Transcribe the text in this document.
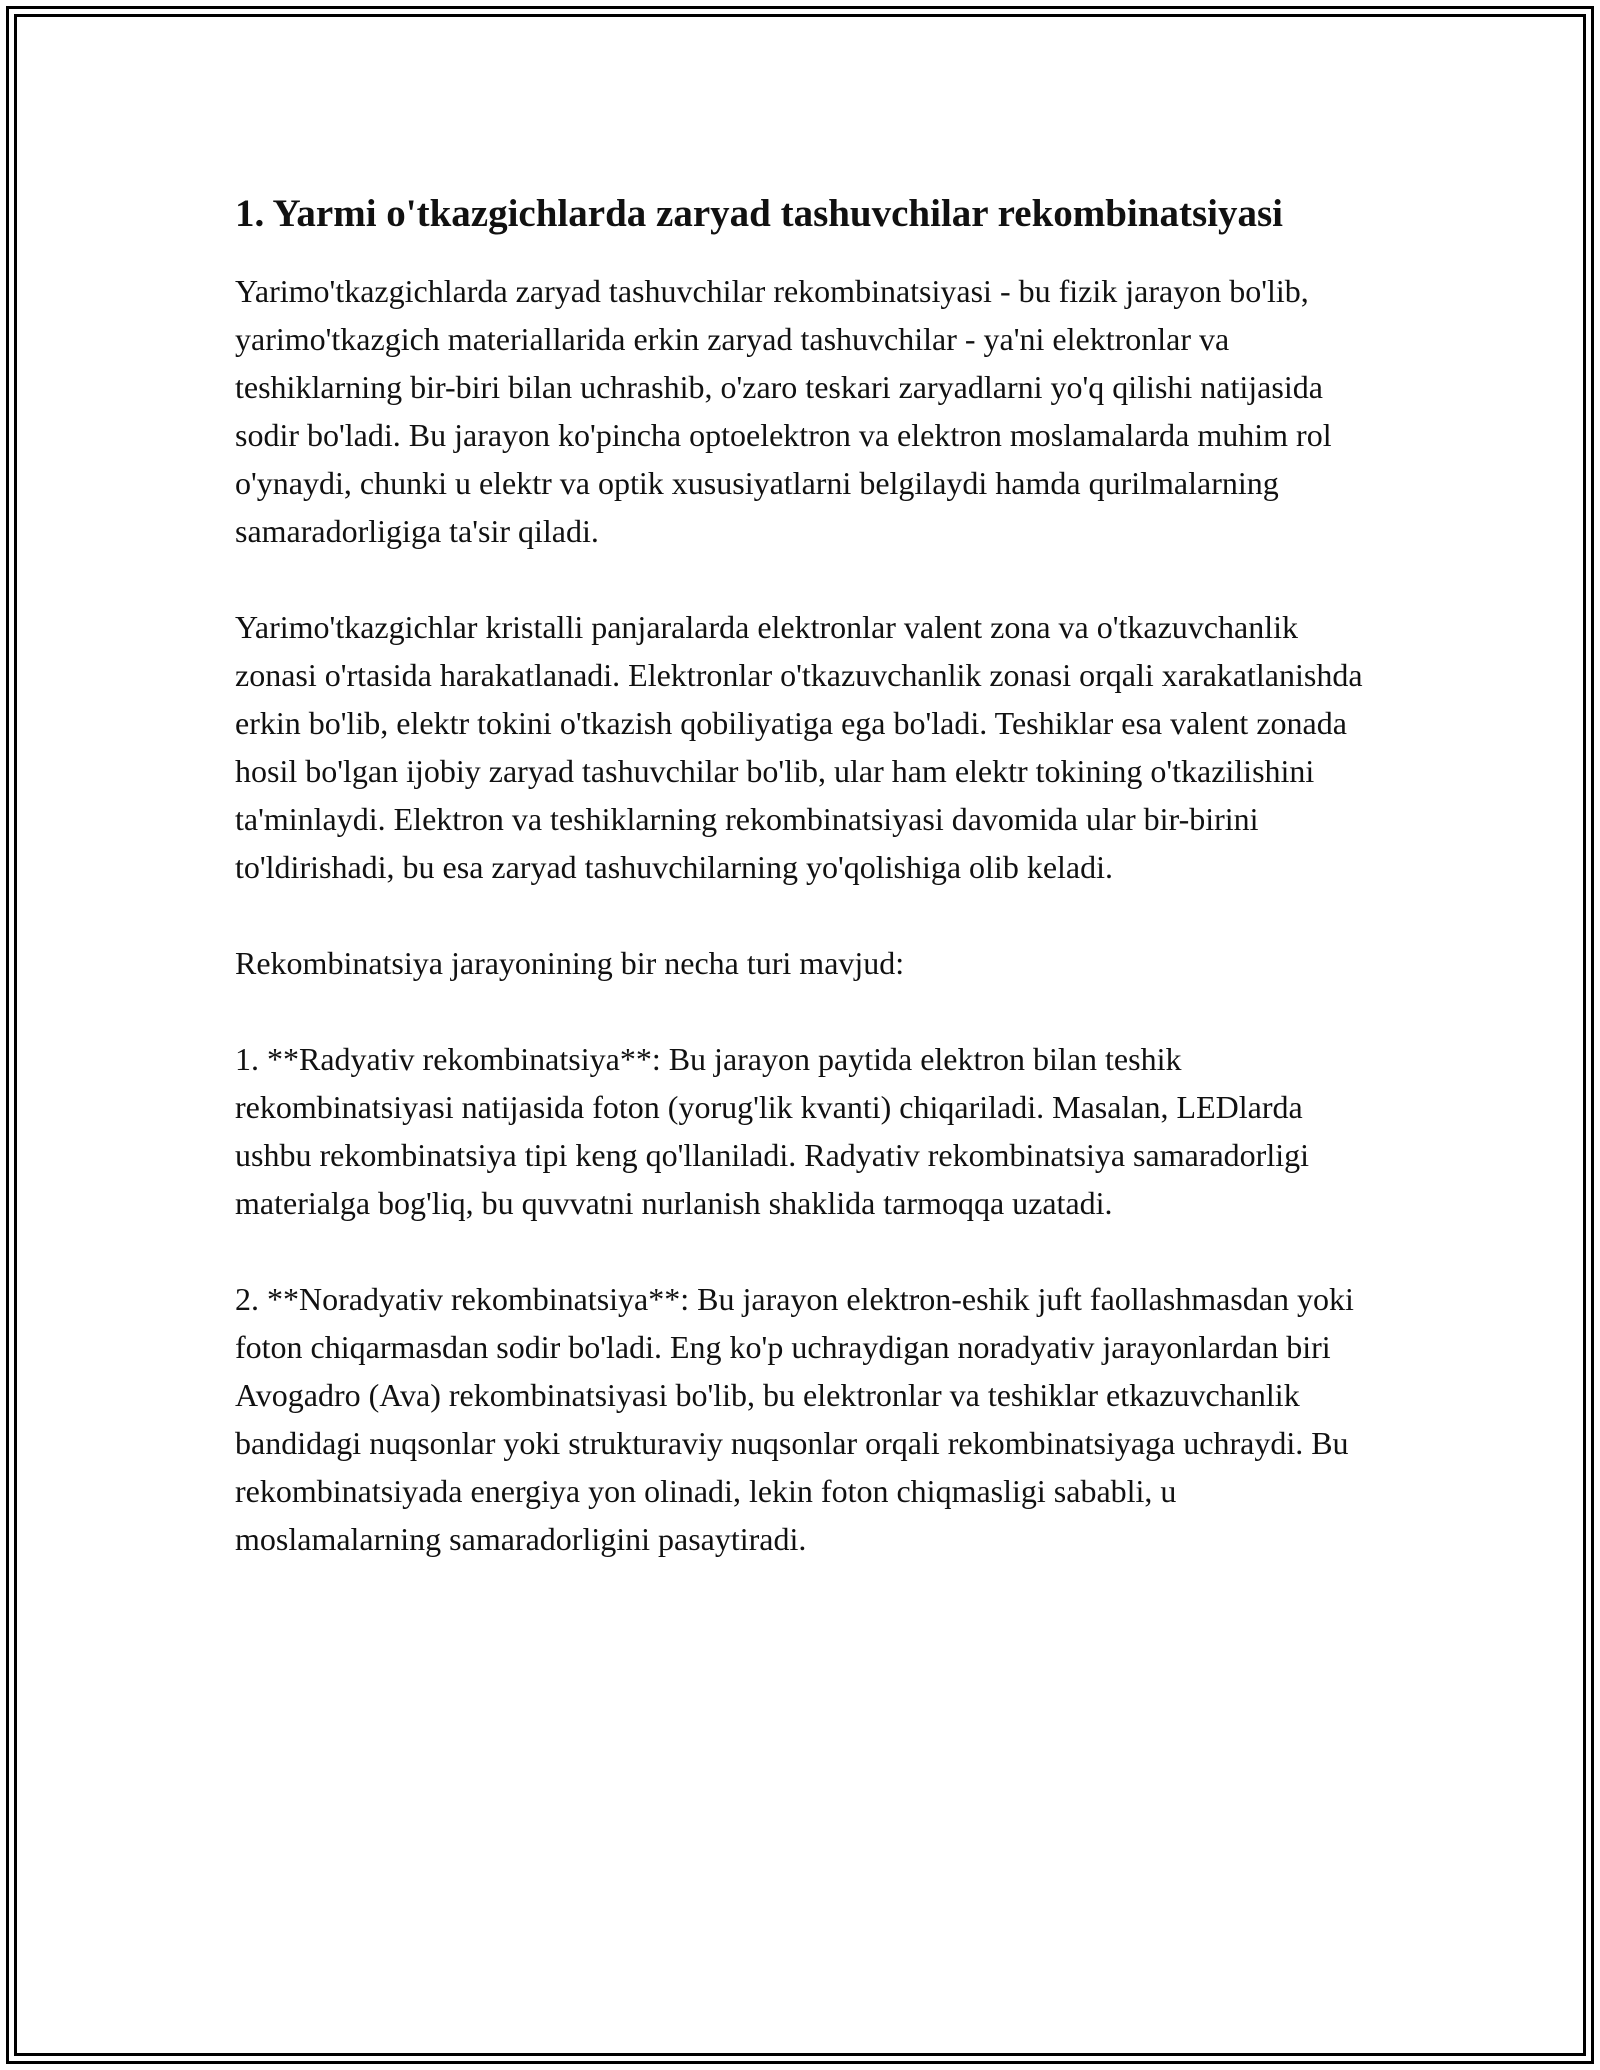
1. Yarmi o'tkazgichlarda zaryad tashuvchilar rekombinatsiyasi

Yarimo'tkazgichlarda zaryad tashuvchilar rekombinatsiyasi - bu fizik jarayon bo'lib, yarimo'tkazgich materiallarida erkin zaryad tashuvchilar - ya'ni elektronlar va teshiklarning bir-biri bilan uchrashib, o'zaro teskari zaryadlarni yo'q qilishi natijasida sodir bo'ladi. Bu jarayon ko'pincha optoelektron va elektron moslamalarda muhim rol o'ynaydi, chunki u elektr va optik xususiyatlarni belgilaydi hamda qurilmalarning samaradorligiga ta'sir qiladi.

Yarimo'tkazgichlar kristalli panjaralarda elektronlar valent zona va o'tkazuvchanlik zonasi o'rtasida harakatlanadi. Elektronlar o'tkazuvchanlik zonasi orqali xarakatlanishda erkin bo'lib, elektr tokini o'tkazish qobiliyatiga ega bo'ladi. Teshiklar esa valent zonada hosil bo'lgan ijobiy zaryad tashuvchilar bo'lib, ular ham elektr tokining o'tkazilishini ta'minlaydi. Elektron va teshiklarning rekombinatsiyasi davomida ular bir-birini to'ldirishadi, bu esa zaryad tashuvchilarning yo'qolishiga olib keladi.

Rekombinatsiya jarayonining bir necha turi mavjud:

1. **Radyativ rekombinatsiya**: Bu jarayon paytida elektron bilan teshik rekombinatsiyasi natijasida foton (yorug'lik kvanti) chiqariladi. Masalan, LEDlarda ushbu rekombinatsiya tipi keng qo'llaniladi. Radyativ rekombinatsiya samaradorligi materialga bog'liq, bu quvvatni nurlanish shaklida tarmoqqa uzatadi.

2. **Noradyativ rekombinatsiya**: Bu jarayon elektron-eshik juft faollashmasdan yoki foton chiqarmasdan sodir bo'ladi. Eng ko'p uchraydigan noradyativ jarayonlardan biri Avogadro (Ava) rekombinatsiyasi bo'lib, bu elektronlar va teshiklar etkazuvchanlik bandidagi nuqsonlar yoki strukturaviy nuqsonlar orqali rekombinatsiyaga uchraydi. Bu rekombinatsiyada energiya yon olinadi, lekin foton chiqmasligi sababli, u moslamalarning samaradorligini pasaytiradi.
